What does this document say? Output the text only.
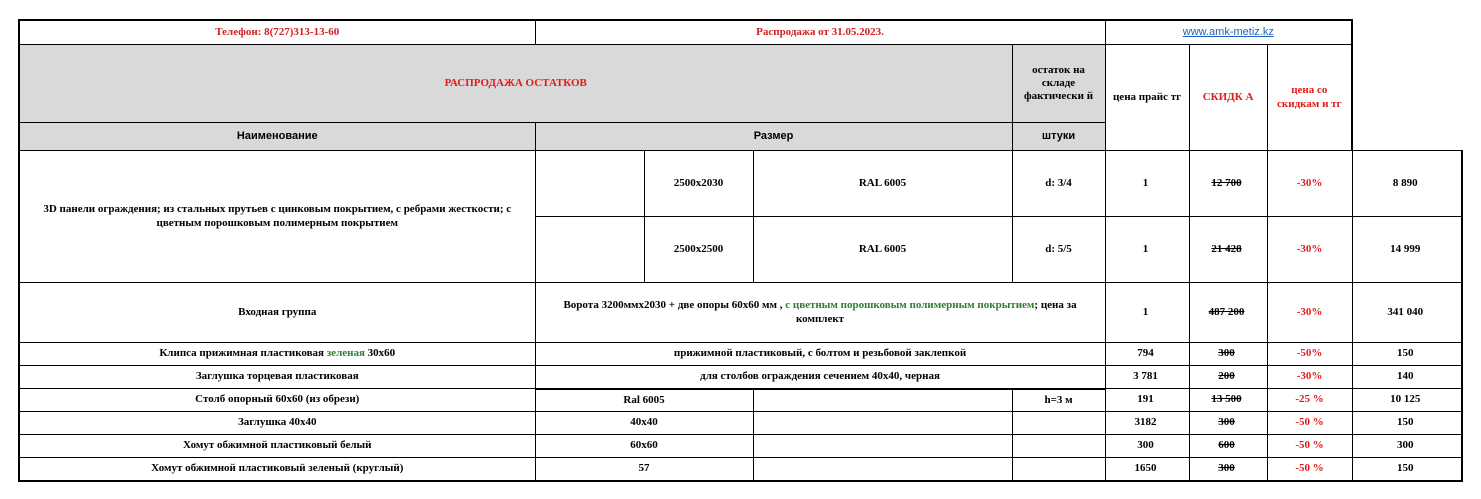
Телефон: 8(727)313-13-60	Распродажа от 31.05.2023.				www.amk-metiz.kz			
РАСПРОДАЖА ОСТАТКОВ				остаток на складе фактически й	цена прайс тг	СКИДК А	цена со скидкам и тг	
Наименование	Размер			штуки				
3D панели ограждения; из стальных прутьев с цинковым покрытием, с ребрами жесткости; с цветным порошковым полимерным покрытием		2500x2030	RAL 6005	d: 3/4	1	12 700	-30%	8 890
		2500x2500	RAL 6005	d: 5/5	1	21 428	-30%	14 999
Входная группа	Ворота 3200ммх2030 + две опоры 60х60 мм , с цветным порошковым полимерным покрытием; цена за комплект				1	487 200	-30%	341 040
Клипса прижимная пластиковая зеленая 30х60	прижимной пластиковый, с болтом и резьбовой заклепкой				794	300	-50%	150
Заглушка торцевая пластиковая	для столбов ограждения сечением 40х40, черная				3 781	200	-30%	140
Столб опорный 60х60 (из обрези)	Ral 6005			h=3 м	191	13 500	-25 %	10 125
Заглушка 40х40	40х40				3182	300	-50 %	150
Хомут обжимной пластиковый белый	60х60				300	600	-50 %	300
Хомут обжимной пластиковый зеленый (круглый)	57				1650	300	-50 %	150
